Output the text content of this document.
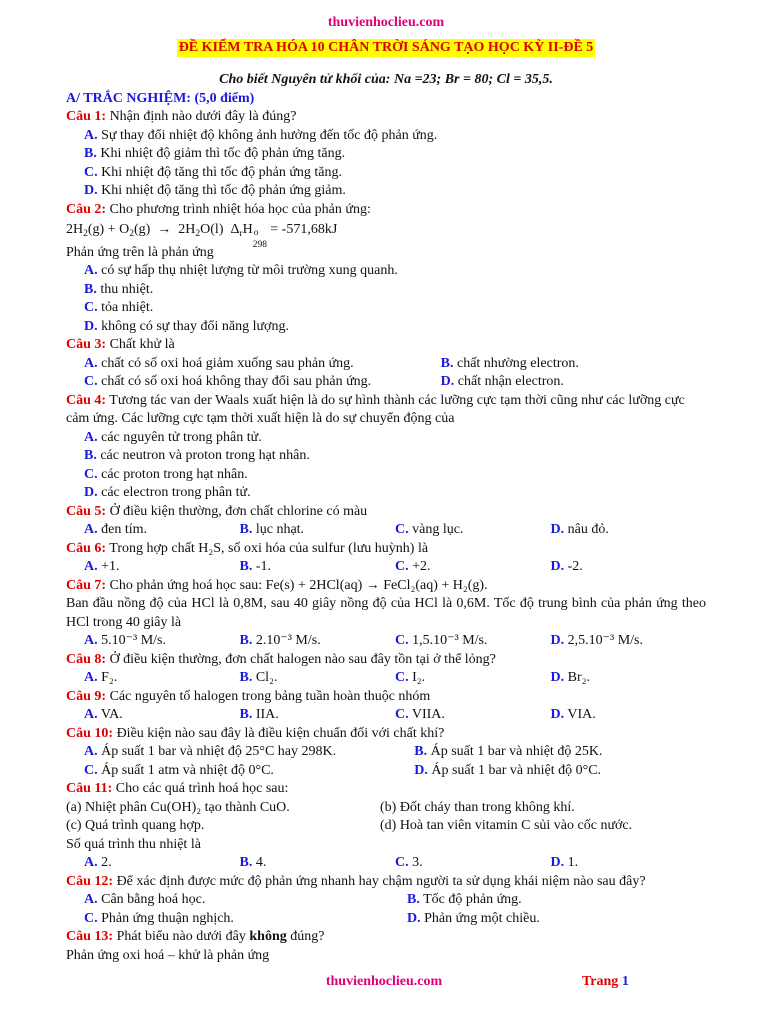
thuvienhoclieu.com
ĐỀ KIỂM TRA HÓA 10 CHÂN TRỜI SÁNG TẠO HỌC KỲ II-ĐỀ 5
Cho biết Nguyên tử khối của: Na =23; Br = 80; Cl = 35,5.
A/ TRẮC NGHIỆM: (5,0 điểm)
Câu 1: Nhận định nào dưới đây là đúng?
A. Sự thay đổi nhiệt độ không ảnh hưởng đến tốc độ phản ứng.
B. Khi nhiệt độ giảm thì tốc độ phản ứng tăng.
C. Khi nhiệt độ tăng thì tốc độ phản ứng tăng.
D. Khi nhiệt độ tăng thì tốc độ phản ứng giảm.
Câu 2: Cho phương trình nhiệt hóa học của phản ứng:
$2H_2(g) + O_2(g) \to 2H_2O(l)$  $\Delta_rH$ o
298
= -571,68kJ
Phản ứng trên là phản ứng
A. có sự hấp thụ nhiệt lượng từ môi trường xung quanh.
B. thu nhiệt.
C. tỏa nhiệt.
D. không có sự thay đổi năng lượng.
Câu 3: Chất khử là
A. chất có số oxi hoá giảm xuống sau phản ứng.	B. chất nhường electron.
C. chất có số oxi hoá không thay đổi sau phản ứng.	D. chất nhận electron.
Câu 4: Tương tác van der Waals xuất hiện là do sự hình thành các lưỡng cực tạm thời cũng như các lưỡng cực cảm ứng. Các lưỡng cực tạm thời xuất hiện là do sự chuyển động của
A. các nguyên tử trong phân tử.
B. các neutron và proton trong hạt nhân.
C. các proton trong hạt nhân.
D. các electron trong phân tử.
Câu 5: Ở điều kiện thường, đơn chất chlorine có màu
A. đen tím.	B. lục nhạt.	C. vàng lục.	D. nâu đỏ.
Câu 6: Trong hợp chất H₂S, số oxi hóa của sulfur (lưu huỳnh) là
A. +1.	B. -1.	C. +2.	D. -2.
Câu 7: Cho phản ứng hoá học sau: Fe(s) + 2HCl(aq) → FeCl₂(aq) + H₂(g).
Ban đầu nồng độ của HCl là 0,8M, sau 40 giây nồng độ của HCl là 0,6M. Tốc độ trung bình của phản ứng theo HCl trong 40 giây là
A. 5.10⁻³ M/s.	B. 2.10⁻³ M/s.	C. 1,5.10⁻³ M/s.	D. 2,5.10⁻³ M/s.
Câu 8: Ở điều kiện thường, đơn chất halogen nào sau đây tồn tại ở thể lỏng?
A. F₂.	B. Cl₂.	C. I₂.	D. Br₂.
Câu 9: Các nguyên tố halogen trong bảng tuần hoàn thuộc nhóm
A. VA.	B. IIA.	C. VIIA.	D. VIA.
Câu 10: Điều kiện nào sau đây là điều kiện chuẩn đối với chất khí?
A. Áp suất 1 bar và nhiệt độ 25°C hay 298K.	B. Áp suất 1 bar và nhiệt độ 25K.
C. Áp suất 1 atm và nhiệt độ 0°C.	D. Áp suất 1 bar và nhiệt độ 0°C.
Câu 11: Cho các quá trình hoá học sau:
(a) Nhiệt phân Cu(OH)₂ tạo thành CuO.	(b) Đốt cháy than trong không khí.
(c) Quá trình quang hợp.	(d) Hoà tan viên vitamin C sủi vào cốc nước.
Số quá trình thu nhiệt là
A. 2.	B. 4.	C. 3.	D. 1.
Câu 12: Để xác định được mức độ phản ứng nhanh hay chậm người ta sử dụng khái niệm nào sau đây?
A. Cân bằng hoá học.	B. Tốc độ phản ứng.
C. Phản ứng thuận nghịch.	D. Phản ứng một chiều.
Câu 13: Phát biểu nào dưới đây không đúng?
Phản ứng oxi hoá – khử là phản ứng
thuvienhoclieu.com	Trang 1
